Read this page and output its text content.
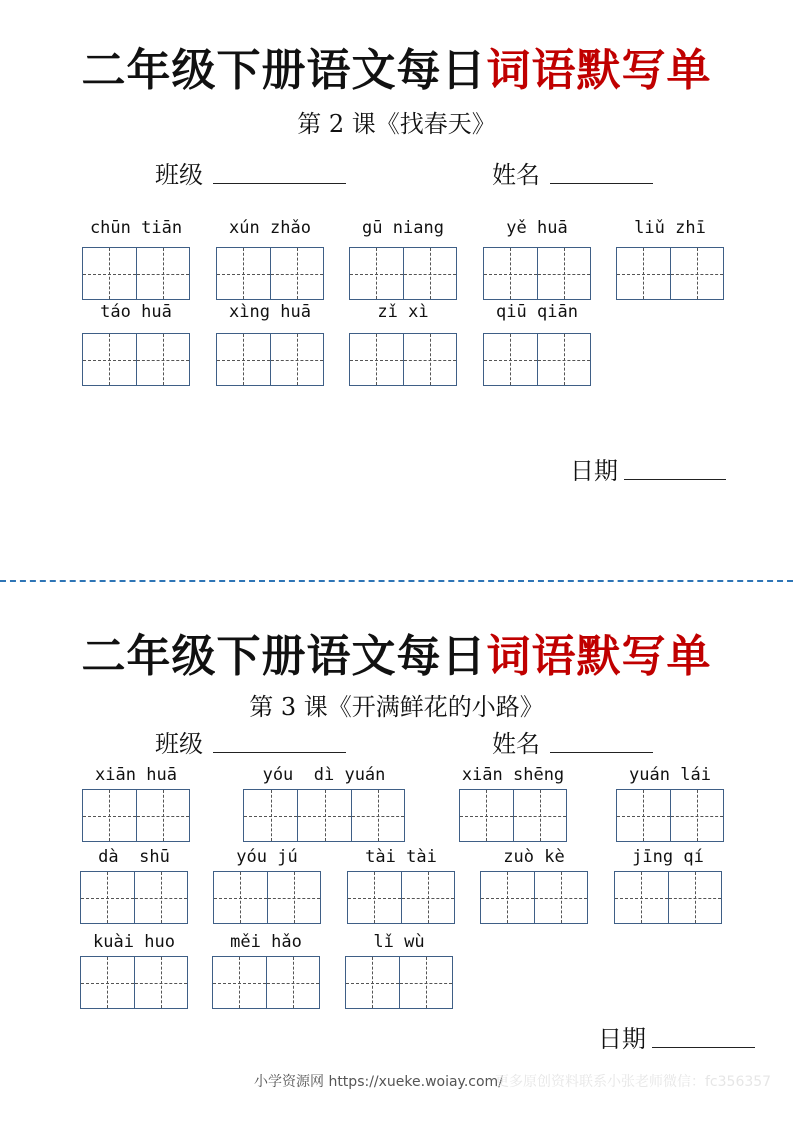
二年级下册语文每日词语默写单
第 2 课《找春天》
班级	姓名
chūn tiān	xún zhǎo	gū niang	yě huā	liǔ zhī
táo huā	xìng huā	zǐ xì	qiū qiān
日期
二年级下册语文每日词语默写单
第 3 课《开满鲜花的小路》
班级	姓名
xiān huā	yóu  dì yuán	xiān shēng	yuán lái
dà  shū	yóu jú	tài tài	zuò kè	jīng qí
kuài huo	měi hǎo	lǐ wù
日期
小学资源网 https://xueke.woiay.com/
更多原创资料联系小张老师微信：fc356357
